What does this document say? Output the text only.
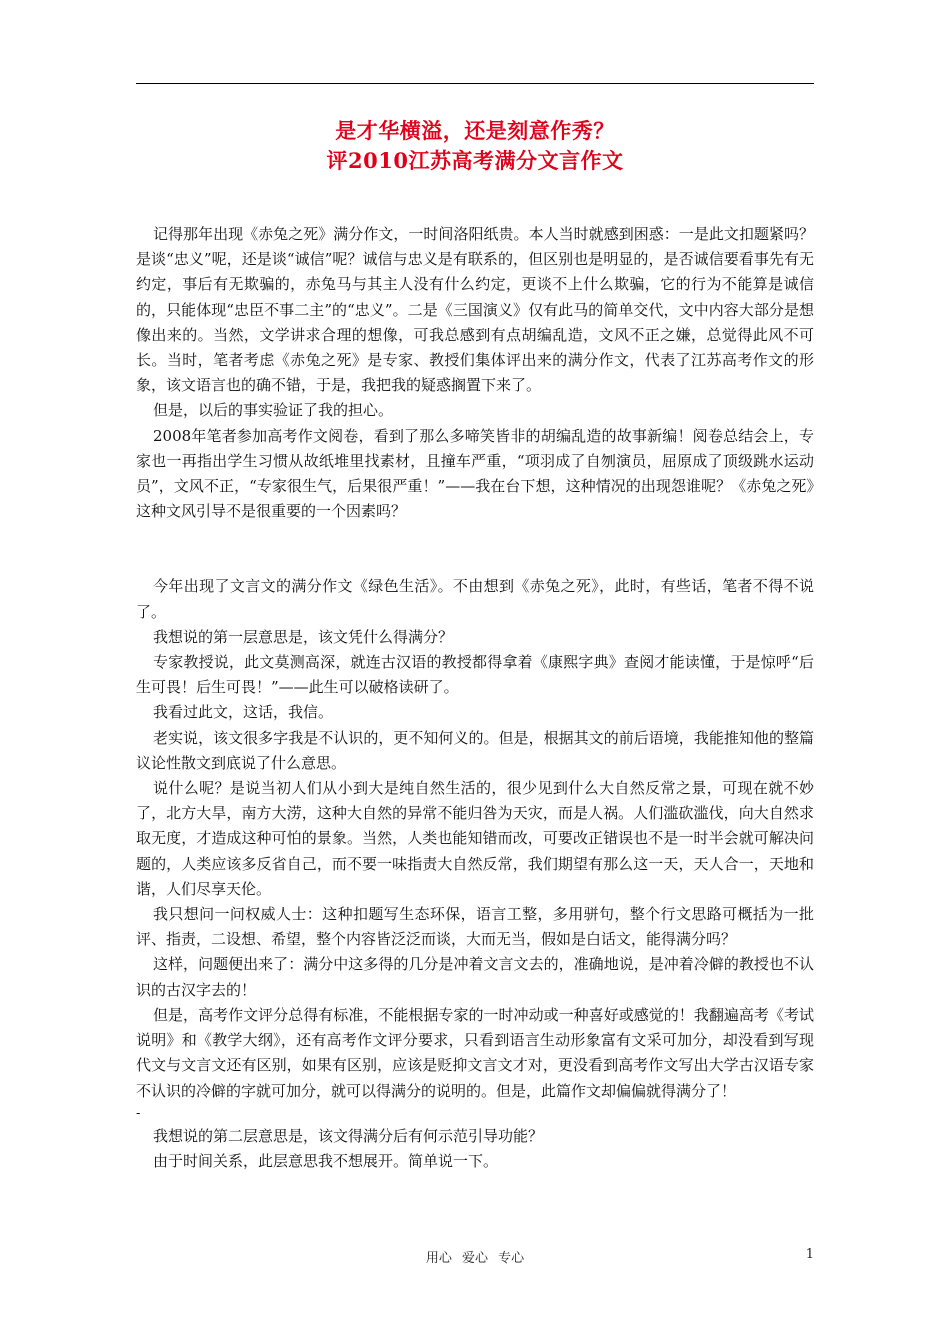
是才华横溢，还是刻意作秀？
评2010江苏高考满分文言作文

记得那年出现《赤兔之死》满分作文，一时间洛阳纸贵。本人当时就感到困惑：一是此文扣题紧吗？是谈“忠义”呢，还是谈“诚信”呢？诚信与忠义是有联系的，但区别也是明显的，是否诚信要看事先有无约定，事后有无欺骗的，赤兔马与其主人没有什么约定，更谈不上什么欺骗，它的行为不能算是诚信的，只能体现“忠臣不事二主”的“忠义”。二是《三国演义》仅有此马的简单交代，文中内容大部分是想像出来的。当然，文学讲求合理的想像，可我总感到有点胡编乱造，文风不正之嫌，总觉得此风不可长。当时，笔者考虑《赤兔之死》是专家、教授们集体评出来的满分作文，代表了江苏高考作文的形象，该文语言也的确不错，于是，我把我的疑惑搁置下来了。

但是，以后的事实验证了我的担心。

2008年笔者参加高考作文阅卷，看到了那么多啼笑皆非的胡编乱造的故事新编！阅卷总结会上，专家也一再指出学生习惯从故纸堆里找素材，且撞车严重，“项羽成了自刎演员，屈原成了顶级跳水运动员”，文风不正，“专家很生气，后果很严重！”——我在台下想，这种情况的出现怨谁呢？《赤兔之死》这种文风引导不是很重要的一个因素吗？

今年出现了文言文的满分作文《绿色生活》。不由想到《赤兔之死》，此时，有些话，笔者不得不说了。

我想说的第一层意思是，该文凭什么得满分？

专家教授说，此文莫测高深，就连古汉语的教授都得拿着《康熙字典》查阅才能读懂，于是惊呼“后生可畏！后生可畏！”——此生可以破格读研了。

我看过此文，这话，我信。

老实说，该文很多字我是不认识的，更不知何义的。但是，根据其文的前后语境，我能推知他的整篇议论性散文到底说了什么意思。

说什么呢？是说当初人们从小到大是纯自然生活的，很少见到什么大自然反常之景，可现在就不妙了，北方大旱，南方大涝，这种大自然的异常不能归咎为天灾，而是人祸。人们滥砍滥伐，向大自然求取无度，才造成这种可怕的景象。当然，人类也能知错而改，可要改正错误也不是一时半会就可解决问题的，人类应该多反省自己，而不要一味指责大自然反常，我们期望有那么这一天，天人合一，天地和谐，人们尽享天伦。

我只想问一问权威人士：这种扣题写生态环保，语言工整，多用骈句，整个行文思路可概括为一批评、指责，二设想、希望，整个内容皆泛泛而谈，大而无当，假如是白话文，能得满分吗？

这样，问题便出来了：满分中这多得的几分是冲着文言文去的，准确地说，是冲着冷僻的教授也不认识的古汉字去的！

但是，高考作文评分总得有标准，不能根据专家的一时冲动或一种喜好或感觉的！我翻遍高考《考试说明》和《教学大纲》，还有高考作文评分要求，只看到语言生动形象富有文采可加分，却没看到写现代文与文言文还有区别，如果有区别，应该是贬抑文言文才对，更没看到高考作文写出大学古汉语专家不认识的冷僻的字就可加分，就可以得满分的说明的。但是，此篇作文却偏偏就得满分了！

-

我想说的第二层意思是，该文得满分后有何示范引导功能？

由于时间关系，此层意思我不想展开。简单说一下。

用心 爱心 专心	1
